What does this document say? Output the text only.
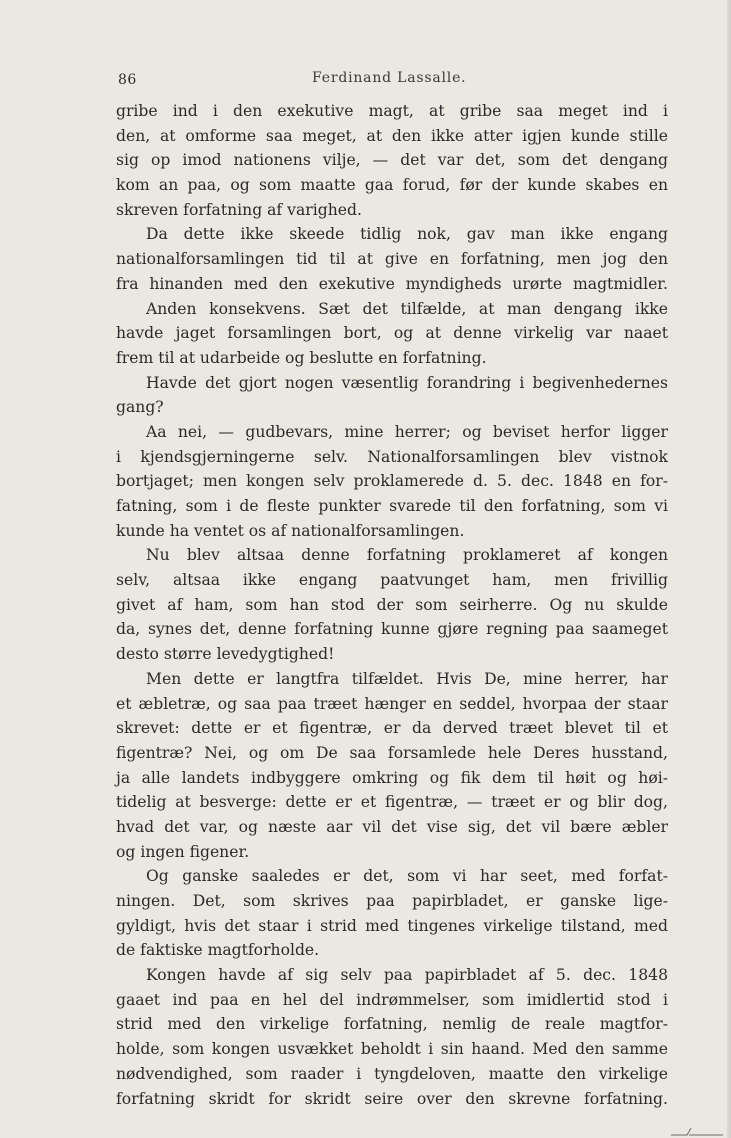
86	Ferdinand Lassalle.
gribe ind i den exekutive magt, at gribe saa meget ind i
den, at omforme saa meget, at den ikke atter igjen kunde stille
sig op imod nationens vilje, — det var det, som det dengang
kom an paa, og som maatte gaa forud, før der kunde skabes en
skreven forfatning af varighed.
Da dette ikke skeede tidlig nok, gav man ikke engang
nationalforsamlingen tid til at give en forfatning, men jog den
fra hinanden med den exekutive myndigheds urørte magtmidler.
Anden konsekvens. Sæt det tilfælde, at man dengang ikke
havde jaget forsamlingen bort, og at denne virkelig var naaet
frem til at udarbeide og beslutte en forfatning.
Havde det gjort nogen væsentlig forandring i begivenhedernes
gang?
Aa nei, — gudbevars, mine herrer; og beviset herfor ligger
i kjendsgjerningerne selv. Nationalforsamlingen blev vistnok
bortjaget; men kongen selv proklamerede d. 5. dec. 1848 en for-
fatning, som i de fleste punkter svarede til den forfatning, som vi
kunde ha ventet os af nationalforsamlingen.
Nu blev altsaa denne forfatning proklameret af kongen
selv, altsaa ikke engang paatvunget ham, men frivillig
givet af ham, som han stod der som seirherre. Og nu skulde
da, synes det, denne forfatning kunne gjøre regning paa saameget
desto større levedygtighed!
Men dette er langtfra tilfældet. Hvis De, mine herrer, har
et æbletræ, og saa paa træet hænger en seddel, hvorpaa der staar
skrevet: dette er et figentræ, er da derved træet blevet til et
figentræ? Nei, og om De saa forsamlede hele Deres husstand,
ja alle landets indbyggere omkring og fik dem til høit og høi-
tidelig at besverge: dette er et figentræ, — træet er og blir dog,
hvad det var, og næste aar vil det vise sig, det vil bære æbler
og ingen figener.
Og ganske saaledes er det, som vi har seet, med forfat-
ningen. Det, som skrives paa papirbladet, er ganske lige-
gyldigt, hvis det staar i strid med tingenes virkelige tilstand, med
de faktiske magtforholde.
Kongen havde af sig selv paa papirbladet af 5. dec. 1848
gaaet ind paa en hel del indrømmelser, som imidlertid stod i
strid med den virkelige forfatning, nemlig de reale magtfor-
holde, som kongen usvækket beholdt i sin haand. Med den samme
nødvendighed, som raader i tyngdeloven, maatte den virkelige
forfatning skridt for skridt seire over den skrevne forfatning.
